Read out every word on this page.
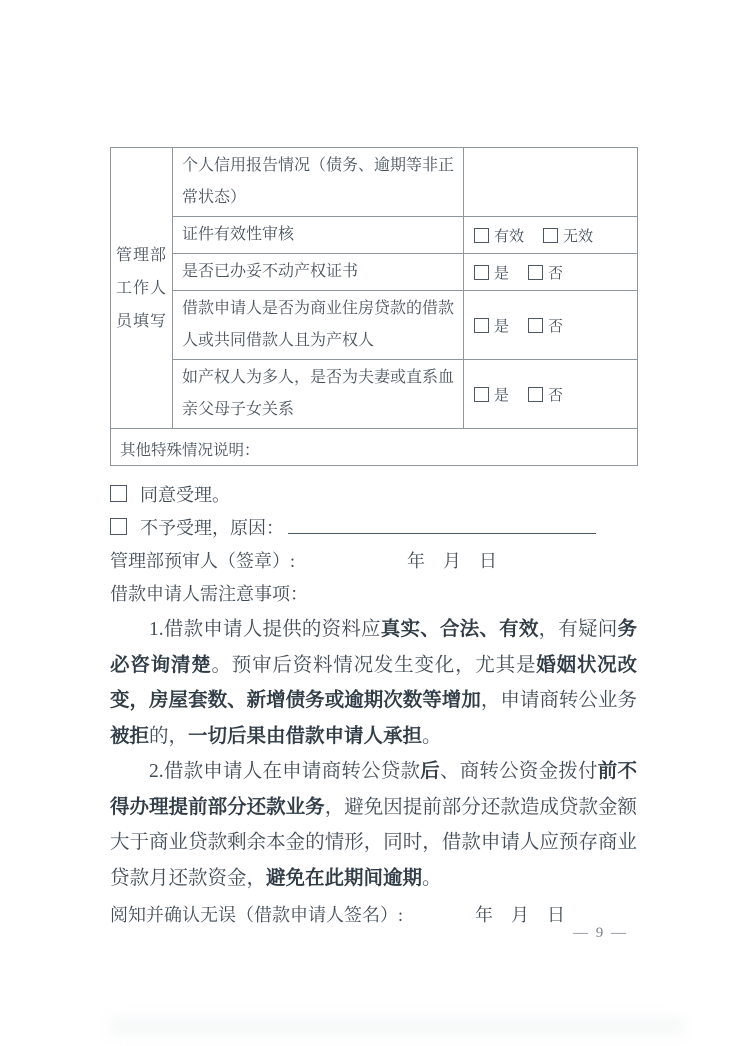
管理部
工作人
员填写	个人信用报告情况（债务、逾期等非正常状态）	
	证件有效性审核	有效 无效
	是否已办妥不动产权证书	是 否
	借款申请人是否为商业住房贷款的借款人或共同借款人且为产权人	是 否
	如产权人为多人，是否为夫妻或直系血亲父母子女关系	是 否
其他特殊情况说明：		
同意受理。
不予受理，原因：
管理部预审人（签章）:	年　月　日
借款申请人需注意事项：

1.借款申请人提供的资料应真实、合法、有效，有疑问务必咨询清楚。预审后资料情况发生变化，尤其是婚姻状况改变，房屋套数、新增债务或逾期次数等增加，申请商转公业务被拒的，一切后果由借款申请人承担。

2.借款申请人在申请商转公贷款后、商转公资金拨付前不得办理提前部分还款业务，避免因提前部分还款造成贷款金额大于商业贷款剩余本金的情形，同时，借款申请人应预存商业贷款月还款资金，避免在此期间逾期。

阅知并确认无误（借款申请人签名）:	年　月　日
— 9 —
